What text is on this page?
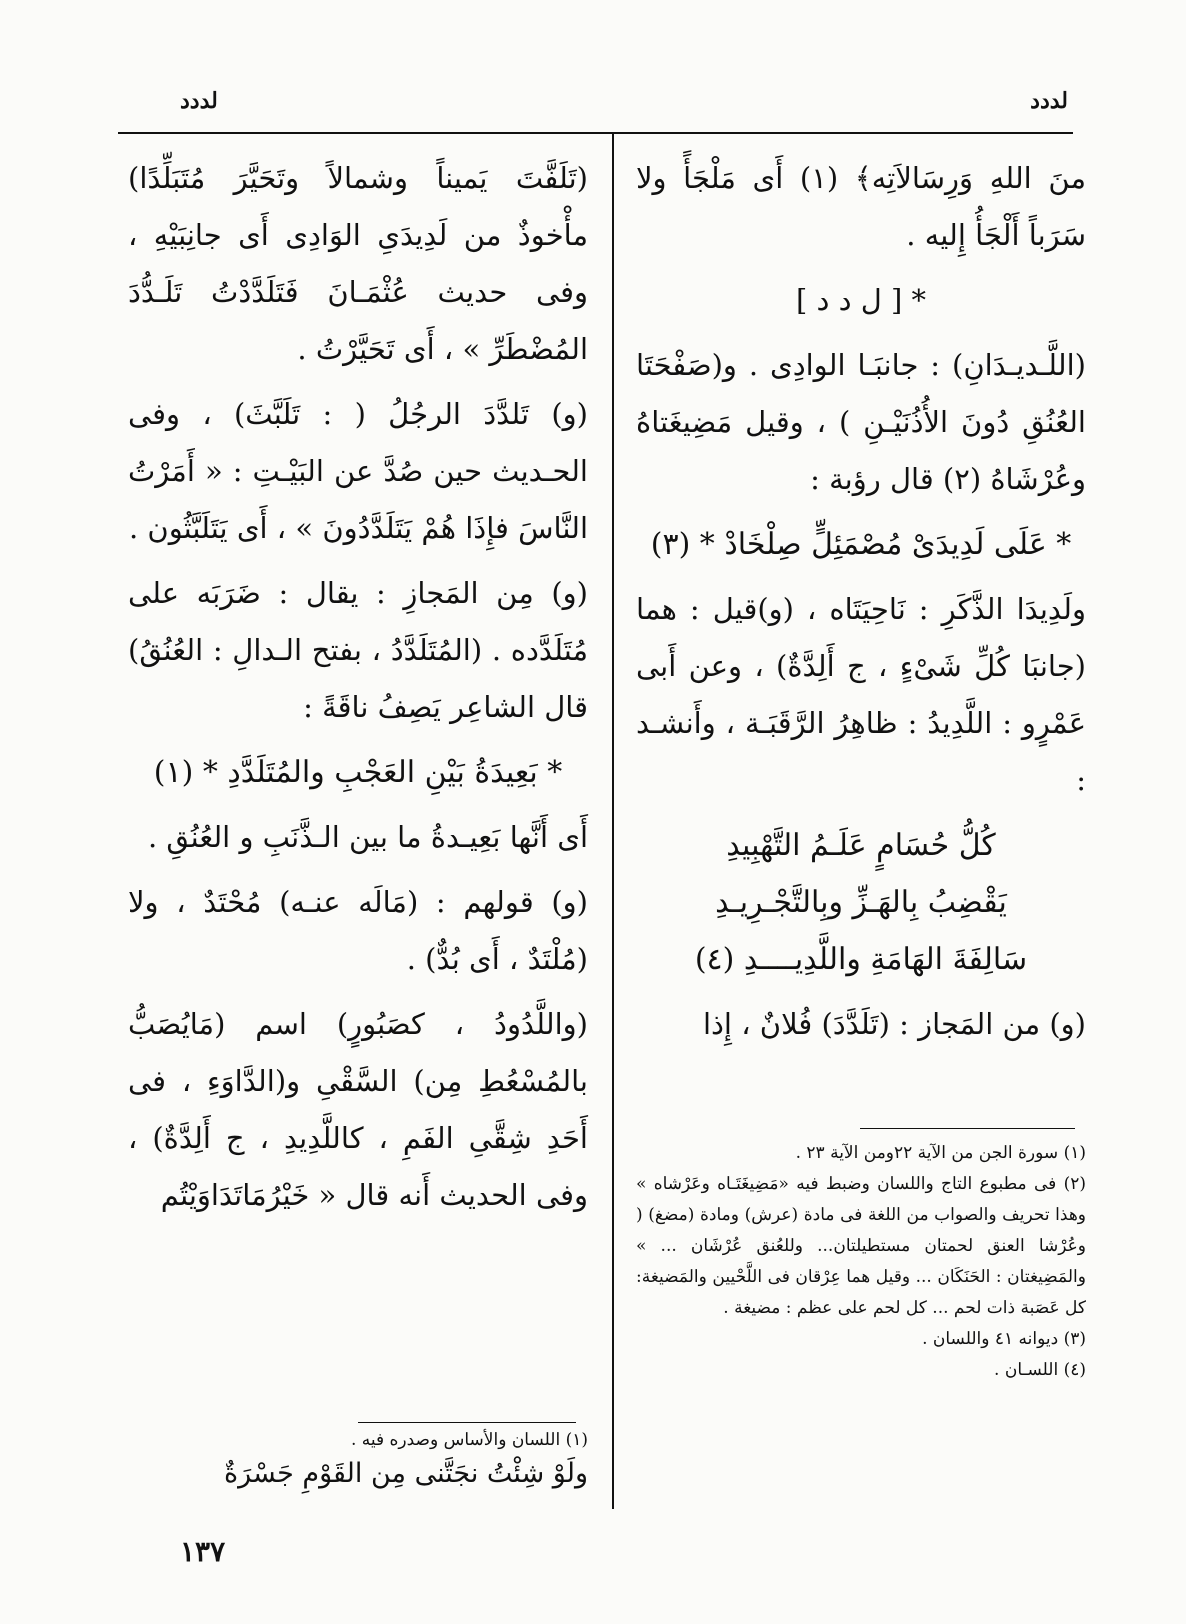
لددد
لددد

منَ اللهِ وَرِسَالاَتِه﴾ (١) أَى مَلْجَأً ولا سَرَباً أَلْجَأُ إِليه .

* [ ل د د ]

(اللَّـديـدَانِ) : جانبَـا الوادِى . و(صَفْحَتَا العُنُقِ دُونَ الأُذُنَيْـنِ ) ، وقيل مَضِيغَتاهُ وعُرْشَاهُ (٢) قال رؤبة :

* عَلَى لَدِيدَىْ مُصْمَئِلٍّ صِلْخَادْ * (٣)

ولَدِيدَا الذَّكَرِ : نَاحِيَتَاه ، (و)قيل : هما (جانبَا كُلِّ شَىْءٍ ، ج أَلِدَّةٌ) ، وعن أَبى عَمْرٍو : اللَّدِيدُ : ظاهِرُ الرَّقَبَـة ، وأَنشـد :

كُلُّ حُسَامٍ عَلَـمُ التَّهْبِيدِ

يَقْضِبُ بِالهَـزِّ وبِالتَّجْـرِيـدِ

سَالِفَةَ الهَامَةِ واللَّدِيــــدِ (٤)

(و) من المَجاز : (تَلَدَّدَ) فُلانٌ ، إِذا

(١) سورة الجن من الآية ٢٢ومن الآية ٢٣ .

(٢) فى مطبوع التاج واللسان وضبط فيه «مَضِيغَتَـاه وعَرْشاه » وهذا تحريف والصواب من اللغة فى مادة (عرش) ومادة (مضغ) ( وعُرْشا العنق لحمتان مستطيلتان... وللعُنق عُرْشَان ... » والمَضِيغتان : الحَنَكَان ... وقيل هما عِرْقان فى اللَّحْيين والمَضيغة: كل عَصَبة ذات لحم ... كل لحم على عظم : مضيغة .

(٣) ديوانه ٤١ واللسان .

(٤) اللسـان .

(تَلَفَّتَ يَميناً وشمالاً وتَحَيَّرَ مُتَبَلِّدًا) مأْخوذٌ من لَدِيدَىِ الوَادِى أَى جانِبَيْهِ ، وفى حديث عُثْمَـانَ فَتَلَدَّدْتُ تَلَـدُّدَ المُضْطَرِّ » ، أَى تَحَيَّرْتُ .

(و) تَلدَّدَ الرجُلُ ( : تَلَبَّثَ) ، وفى الحـديث حين صُدَّ عن البَيْـتِ : « أَمَرْتُ النَّاسَ فإِذَا هُمْ يَتَلَدَّدُونَ » ، أَى يَتَلَبَّثُون .

(و) مِن المَجازِ : يقال : ضَرَبَه على مُتَلَدَّده . (المُتَلَدَّدُ ، بفتح الـدالِ : العُنُقُ) قال الشاعِر يَصِفُ ناقَةً :

* بَعِيدَةُ بَيْنِ العَجْبِ والمُتَلَدَّدِ * (١)

أَى أَنَّها بَعِيـدةُ ما بين الـذَّنَبِ و العُنُقِ .

(و) قولهم : (مَالَه عنـه) مُحْتَدٌ ، ولا (مُلْتَدٌ ، أَى بُدٌّ) .

(واللَّدُودُ ، كصَبُورٍ) اسم (مَايُصَبُّ بالمُسْعُطِ مِن) السَّقْىِ و(الدَّاوَءِ ، فى أَحَدِ شِقَّىِ الفَمِ ، كاللَّدِيدِ ، ج أَلِدَّةٌ) ، وفى الحديث أَنه قال « خَيْرُمَاتَدَاوَيْتُم

(١) اللسان والأساس وصدره فيه .

ولَوْ شِئْتُ نجَتَّنى مِن القَوْمِ جَسْرَةٌ

١٣٧
